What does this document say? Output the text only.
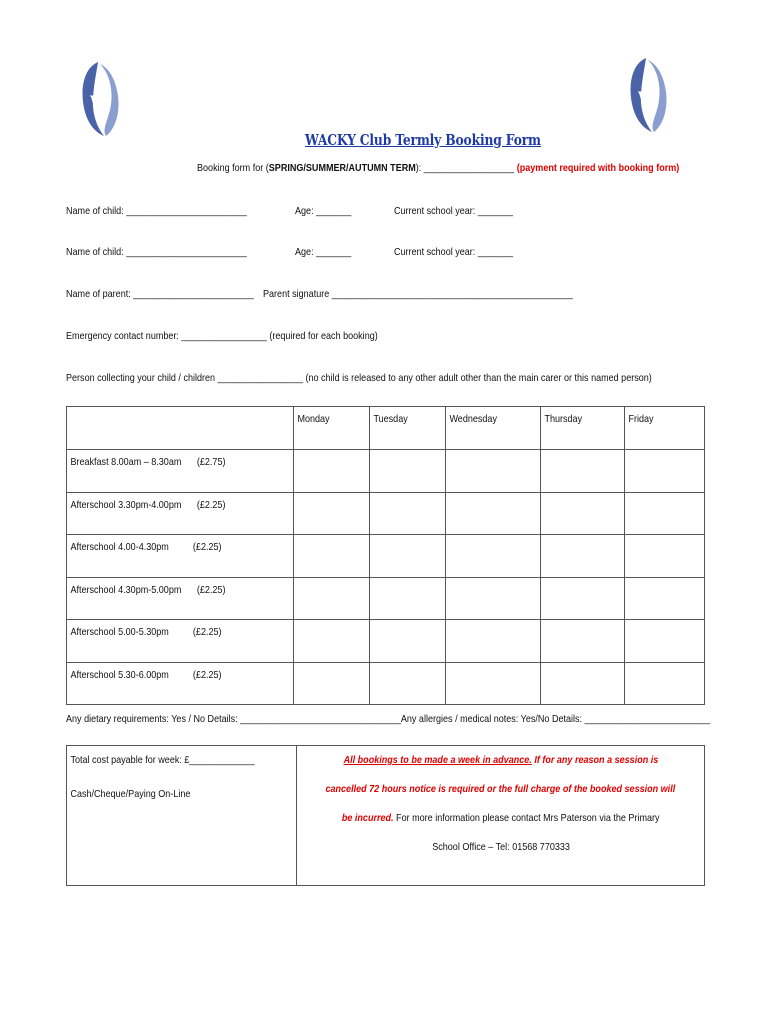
W	W
WACKY Club Termly Booking Form
Booking form for (SPRING/SUMMER/AUTUMN TERM): __________________ (payment required with booking form)
Name of child: ________________________	Age: _______	Current school year: _______
Name of child: ________________________	Age: _______	Current school year: _______
Name of parent: ________________________ Parent signature ________________________________________________
Emergency contact number: _________________ (required for each booking)
Person collecting your child / children _________________ (no child is released to any other adult other than the main carer or this named person)

	Monday	Tuesday	Wednesday	Thursday	Friday

Breakfast 8.00am – 8.30am (£2.75)					

Afterschool 3.30pm-4.00pm (£2.25)					

Afterschool 4.00-4.30pm (£2.25)					

Afterschool 4.30pm-5.00pm (£2.25)					

Afterschool 5.00-5.30pm (£2.25)					

Afterschool 5.30-6.00pm (£2.25)					

Any dietary requirements: Yes / No Details: ________________________________Any allergies / medical notes: Yes/No Details: _________________________
Total cost payable for week: £_____________
Cash/Cheque/Paying On-Line

All bookings to be made a week in advance. If for any reason a session is
cancelled 72 hours notice is required or the full charge of the booked session will
be incurred. For more information please contact Mrs Paterson via the Primary
School Office – Tel: 01568 770333
